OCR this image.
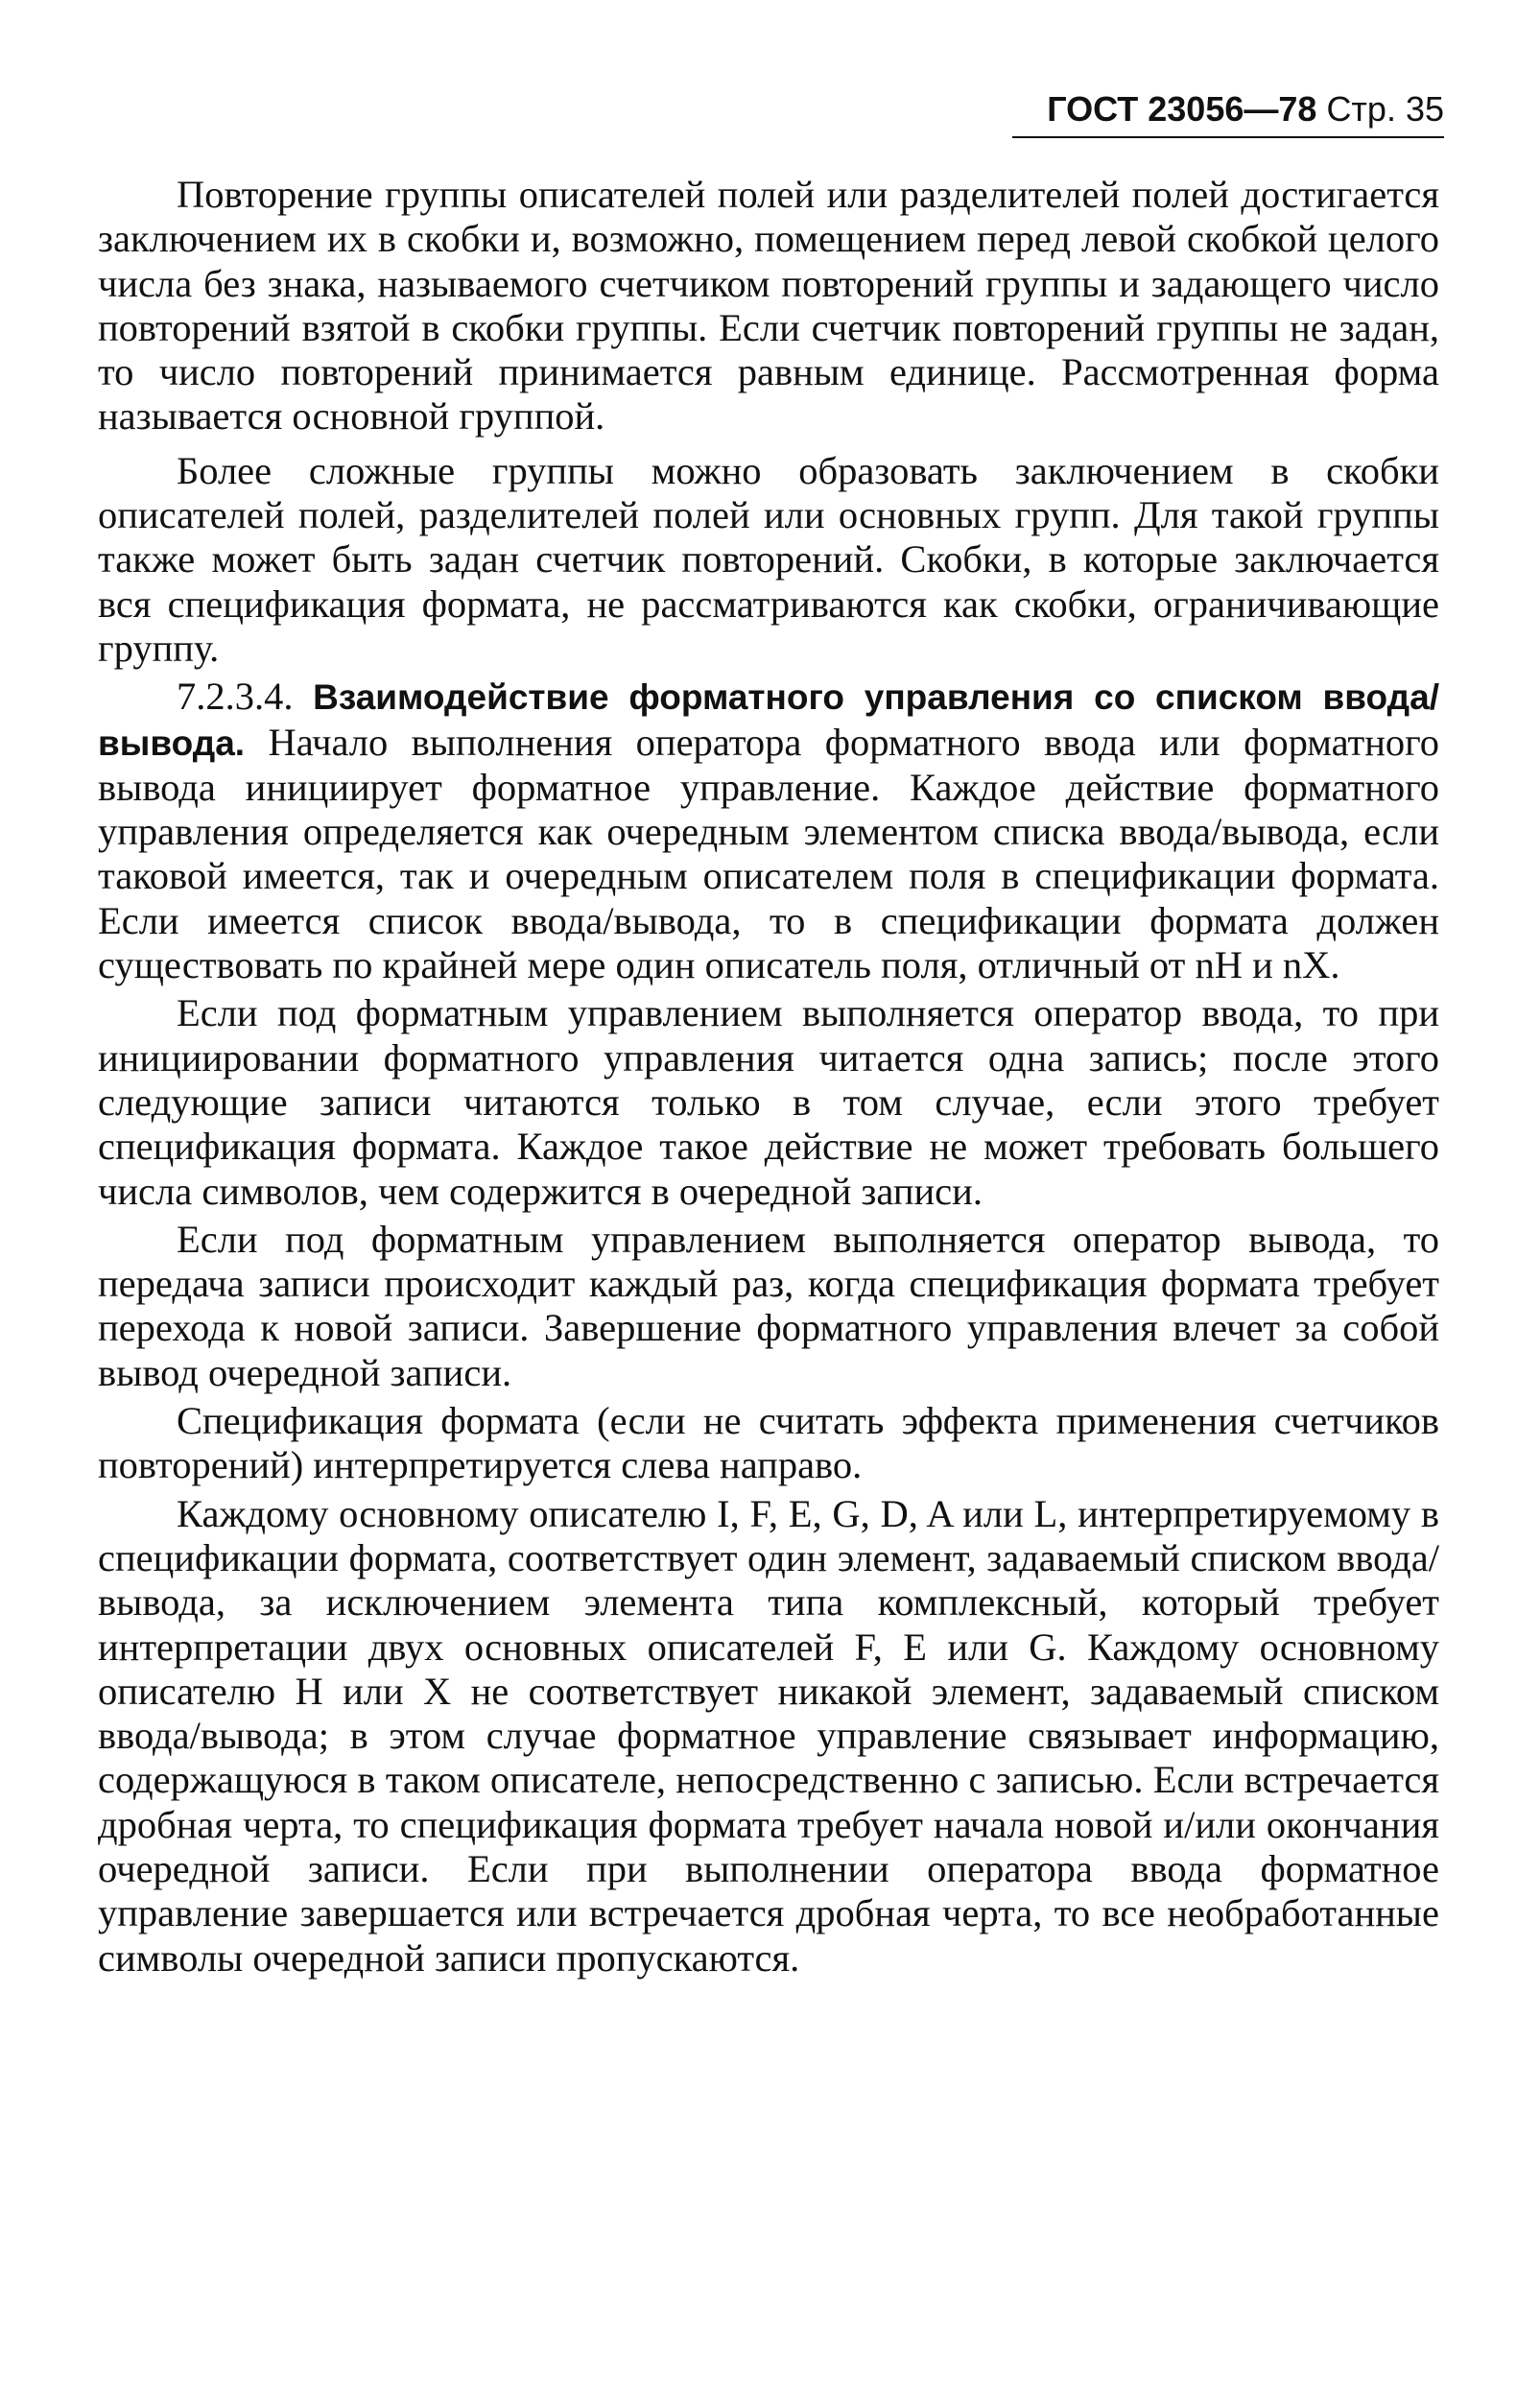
ГОСТ 23056—78 Стр. 35

Повторение группы описателей полей или разделителей полей достигается заключением их в скобки и, возможно, помещением перед левой скобкой целого числа без знака, называемого счетчиком повторений группы и задающего число повторений взятой в скобки группы. Если счетчик повторений группы не задан, то число повторений принимается равным единице. Рассмотренная форма называется основной группой.

Более сложные группы можно образовать заключением в скобки описателей полей, разделителей полей или основных групп. Для такой группы также может быть задан счетчик повторений. Скобки, в которые заключается вся спецификация формата, не рассматриваются как скобки, ограничивающие группу.

7.2.3.4. Взаимодействие форматного управления со списком ввода/вывода. Начало выполнения оператора форматного ввода или форматного вывода инициирует форматное управление. Каждое действие форматного управления определяется как очередным элементом списка ввода/вывода, если таковой имеется, так и очередным описателем поля в спецификации формата. Если имеется список ввода/вывода, то в спецификации формата должен существовать по крайней мере один описатель поля, отличный от nH и nX.

Если под форматным управлением выполняется оператор ввода, то при инициировании форматного управления читается одна запись; после этого следующие записи читаются только в том случае, если этого требует спецификация формата. Каждое такое действие не может требовать большего числа символов, чем содержится в очередной записи.

Если под форматным управлением выполняется оператор вывода, то передача записи происходит каждый раз, когда спецификация формата требует перехода к новой записи. Завершение форматного управления влечет за собой вывод очередной записи.

Спецификация формата (если не считать эффекта применения счетчиков повторений) интерпретируется слева направо.

Каждому основному описателю I, F, E, G, D, A или L, интерпретируемому в спецификации формата, соответствует один элемент, задаваемый списком ввода/вывода, за исключением элемента типа комплексный, который требует интерпретации двух основных описателей F, E или G. Каждому основному описателю H или X не соответствует никакой элемент, задаваемый списком ввода/вывода; в этом случае форматное управление связывает информацию, содержащуюся в таком описателе, непосредственно с записью. Если встречается дробная черта, то спецификация формата требует начала новой и/или окончания очередной записи. Если при выполнении оператора ввода форматное управление завершается или встречается дробная черта, то все необработанные символы очередной записи пропускаются.
